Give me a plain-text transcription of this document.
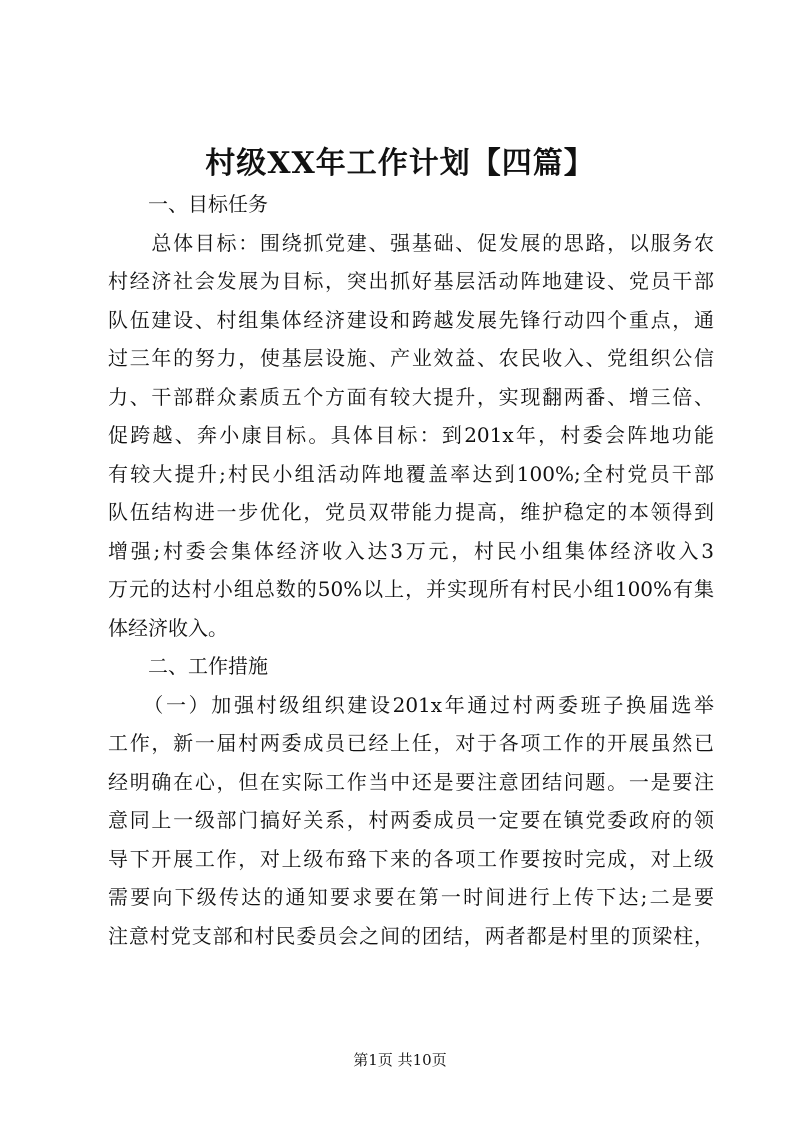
村级XX年工作计划【四篇】
　　一、目标任务
　　总体目标：围绕抓党建、强基础、促发展的思路，以服务农
村经济社会发展为目标，突出抓好基层活动阵地建设、党员干部
队伍建设、村组集体经济建设和跨越发展先锋行动四个重点，通
过三年的努力，使基层设施、产业效益、农民收入、党组织公信
力、干部群众素质五个方面有较大提升，实现翻两番、增三倍、
促跨越、奔小康目标。具体目标：到201x年，村委会阵地功能
有较大提升;村民小组活动阵地覆盖率达到100%;全村党员干部
队伍结构进一步优化，党员双带能力提高，维护稳定的本领得到
增强;村委会集体经济收入达3万元，村民小组集体经济收入3
万元的达村小组总数的50%以上，并实现所有村民小组100%有集
体经济收入。
　　二、工作措施
　　（一）加强村级组织建设201x年通过村两委班子换届选举
工作，新一届村两委成员已经上任，对于各项工作的开展虽然已
经明确在心，但在实际工作当中还是要注意团结问题。一是要注
意同上一级部门搞好关系，村两委成员一定要在镇党委政府的领
导下开展工作，对上级布臵下来的各项工作要按时完成，对上级
需要向下级传达的通知要求要在第一时间进行上传下达;二是要
注意村党支部和村民委员会之间的团结，两者都是村里的顶梁柱，
第1页 共10页
